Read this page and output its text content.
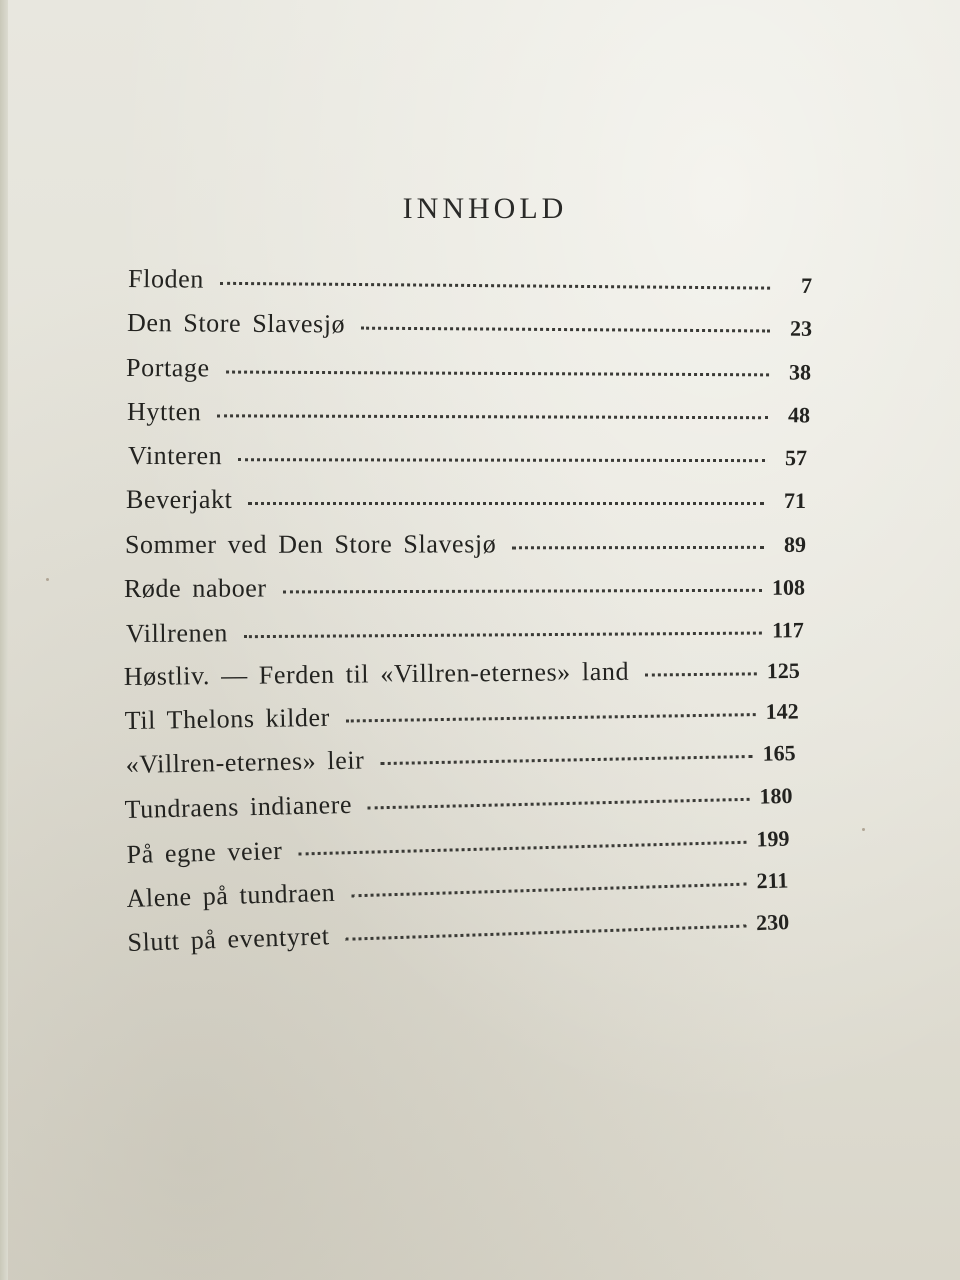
INNHOLD
Floden	7
Den Store Slavesjø	23
Portage	38
Hytten	48
Vinteren	57
Beverjakt	71
Sommer ved Den Store Slavesjø	89
Røde naboer	108
Villrenen	117
Høstliv. — Ferden til «Villren-eternes» land	125
Til Thelons kilder	142
«Villren-eternes» leir	165
Tundraens indianere	180
På egne veier	199
Alene på tundraen	211
Slutt på eventyret	230
